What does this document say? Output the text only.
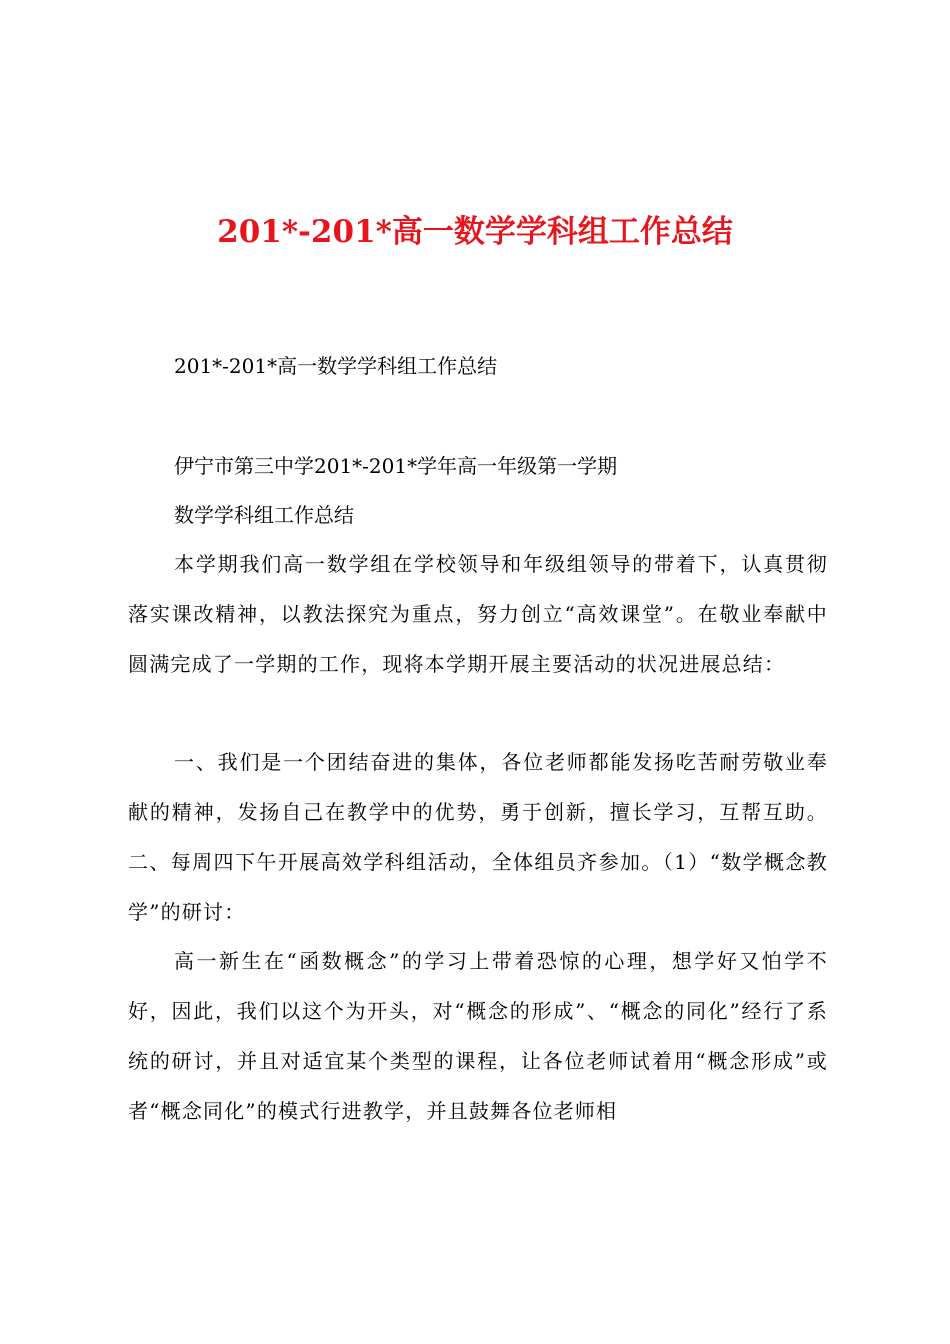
201*-201*高一数学学科组工作总结
201*-201*高一数学学科组工作总结
伊宁市第三中学201*-201*学年高一年级第一学期
数学学科组工作总结
本学期我们高一数学组在学校领导和年级组领导的带着下，认真贯彻落实课改精神，以教法探究为重点，努力创立“高效课堂”。在敬业奉献中圆满完成了一学期的工作，现将本学期开展主要活动的状况进展总结：
一、我们是一个团结奋进的集体，各位老师都能发扬吃苦耐劳敬业奉献的精神，发扬自己在教学中的优势，勇于创新，擅长学习，互帮互助。二、每周四下午开展高效学科组活动，全体组员齐参加。（1）“数学概念教学”的研讨：
高一新生在“函数概念”的学习上带着恐惊的心理，想学好又怕学不好，因此，我们以这个为开头，对“概念的形成”、“概念的同化”经行了系统的研讨，并且对适宜某个类型的课程，让各位老师试着用“概念形成”或者“概念同化”的模式行进教学，并且鼓舞各位老师相
